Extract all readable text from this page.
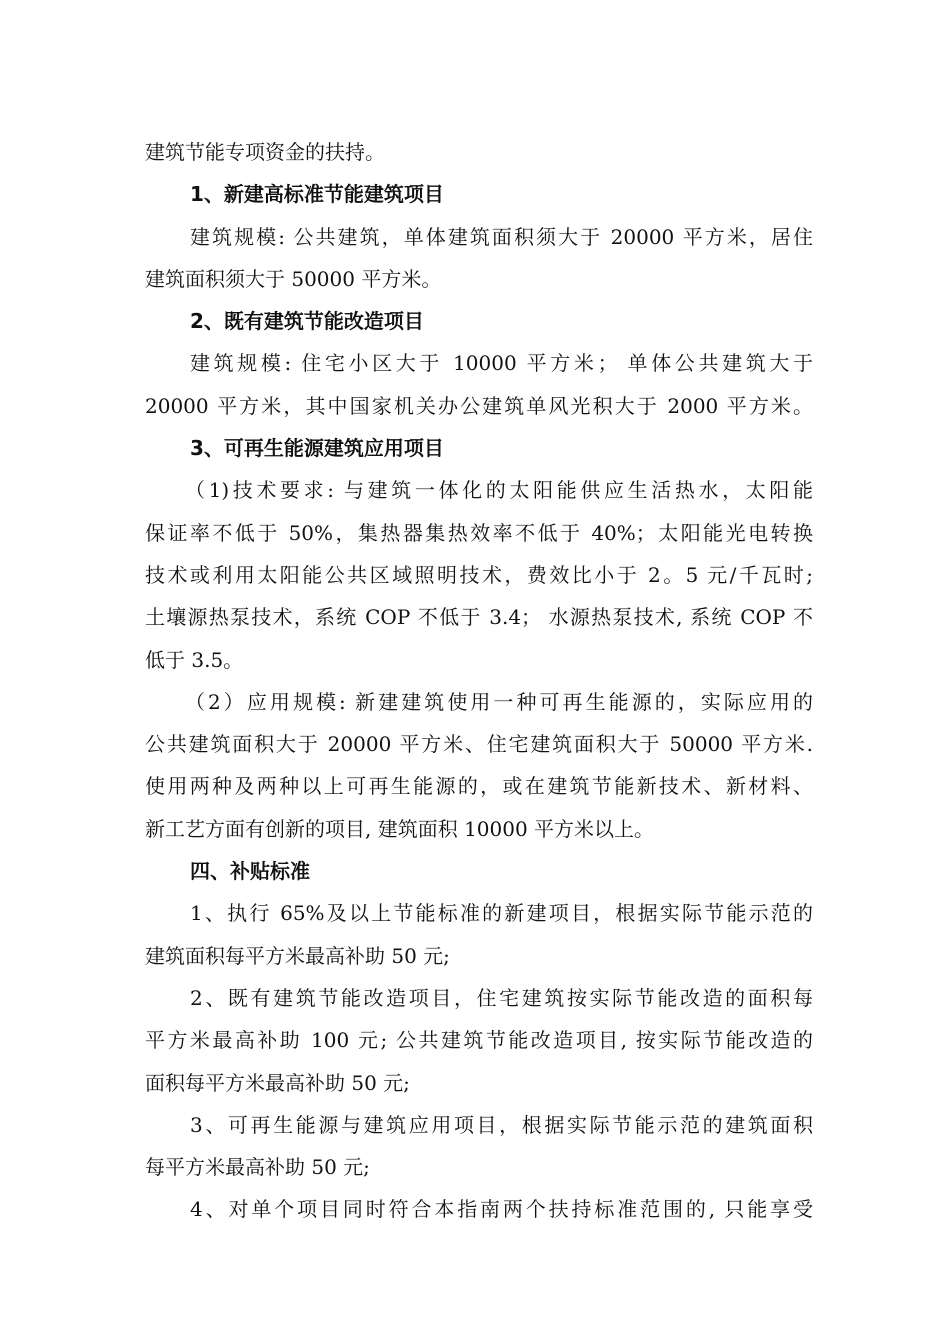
建筑节能专项资金的扶持。
1、新建高标准节能建筑项目
建筑规模: 公共建筑，单体建筑面积须大于 20000 平方米，居住
建筑面积须大于 50000 平方米。
2、既有建筑节能改造项目
建筑规模: 住宅小区大于 10000 平方米； 单体公共建筑大于
20000 平方米，其中国家机关办公建筑单风光积大于 2000 平方米。
3、可再生能源建筑应用项目
（1)技术要求: 与建筑一体化的太阳能供应生活热水，太阳能
保证率不低于 50%，集热器集热效率不低于 40%；太阳能光电转换
技术或利用太阳能公共区域照明技术，费效比小于 2。5 元/千瓦时;
土壤源热泵技术，系统 COP 不低于 3.4； 水源热泵技术, 系统 COP 不
低于 3.5。
（2）应用规模: 新建建筑使用一种可再生能源的，实际应用的
公共建筑面积大于 20000 平方米、住宅建筑面积大于 50000 平方米.
使用两种及两种以上可再生能源的，或在建筑节能新技术、新材料、
新工艺方面有创新的项目, 建筑面积 10000 平方米以上。
四、补贴标准
1、执行 65%及以上节能标准的新建项目，根据实际节能示范的
建筑面积每平方米最高补助 50 元;
2、既有建筑节能改造项目，住宅建筑按实际节能改造的面积每
平方米最高补助 100 元; 公共建筑节能改造项目, 按实际节能改造的
面积每平方米最高补助 50 元;
3、可再生能源与建筑应用项目，根据实际节能示范的建筑面积
每平方米最高补助 50 元;
4、对单个项目同时符合本指南两个扶持标准范围的, 只能享受
